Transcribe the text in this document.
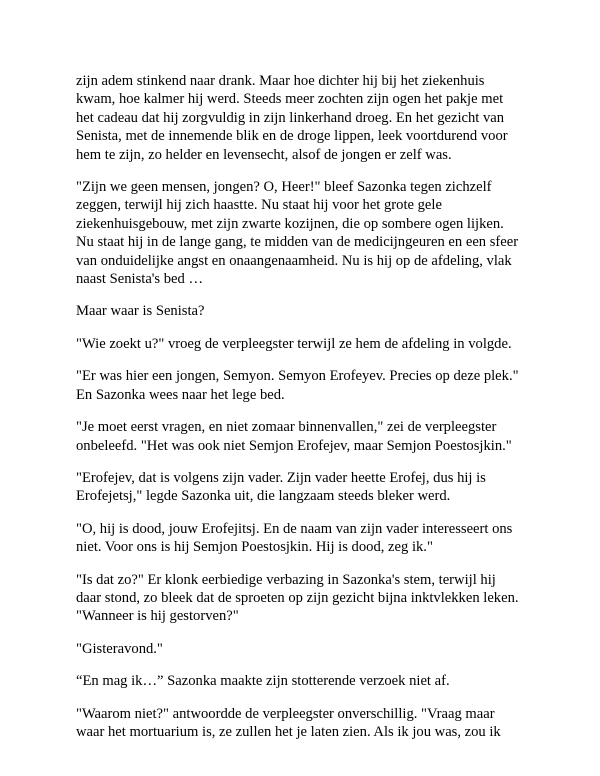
zijn adem stinkend naar drank. Maar hoe dichter hij bij het ziekenhuis
kwam, hoe kalmer hij werd. Steeds meer zochten zijn ogen het pakje met
het cadeau dat hij zorgvuldig in zijn linkerhand droeg. En het gezicht van
Senista, met de innemende blik en de droge lippen, leek voortdurend voor
hem te zijn, zo helder en levensecht, alsof de jongen er zelf was.

"Zijn we geen mensen, jongen? O, Heer!" bleef Sazonka tegen zichzelf
zeggen, terwijl hij zich haastte. Nu staat hij voor het grote gele
ziekenhuisgebouw, met zijn zwarte kozijnen, die op sombere ogen lijken.
Nu staat hij in de lange gang, te midden van de medicijngeuren en een sfeer
van onduidelijke angst en onaangenaamheid. Nu is hij op de afdeling, vlak
naast Senista's bed …

Maar waar is Senista?

"Wie zoekt u?" vroeg de verpleegster terwijl ze hem de afdeling in volgde.

"Er was hier een jongen, Semyon. Semyon Erofeyev. Precies op deze plek."
En Sazonka wees naar het lege bed.

"Je moet eerst vragen, en niet zomaar binnenvallen," zei de verpleegster
onbeleefd. "Het was ook niet Semjon Erofejev, maar Semjon Poestosjkin."

"Erofejev, dat is volgens zijn vader. Zijn vader heette Erofej, dus hij is
Erofejetsj," legde Sazonka uit, die langzaam steeds bleker werd.

"O, hij is dood, jouw Erofejitsj. En de naam van zijn vader interesseert ons
niet. Voor ons is hij Semjon Poestosjkin. Hij is dood, zeg ik."

"Is dat zo?" Er klonk eerbiedige verbazing in Sazonka's stem, terwijl hij
daar stond, zo bleek dat de sproeten op zijn gezicht bijna inktvlekken leken.
"Wanneer is hij gestorven?"

"Gisteravond."

“En mag ik…” Sazonka maakte zijn stotterende verzoek niet af.

"Waarom niet?" antwoordde de verpleegster onverschillig. "Vraag maar
waar het mortuarium is, ze zullen het je laten zien. Als ik jou was, zou ik
